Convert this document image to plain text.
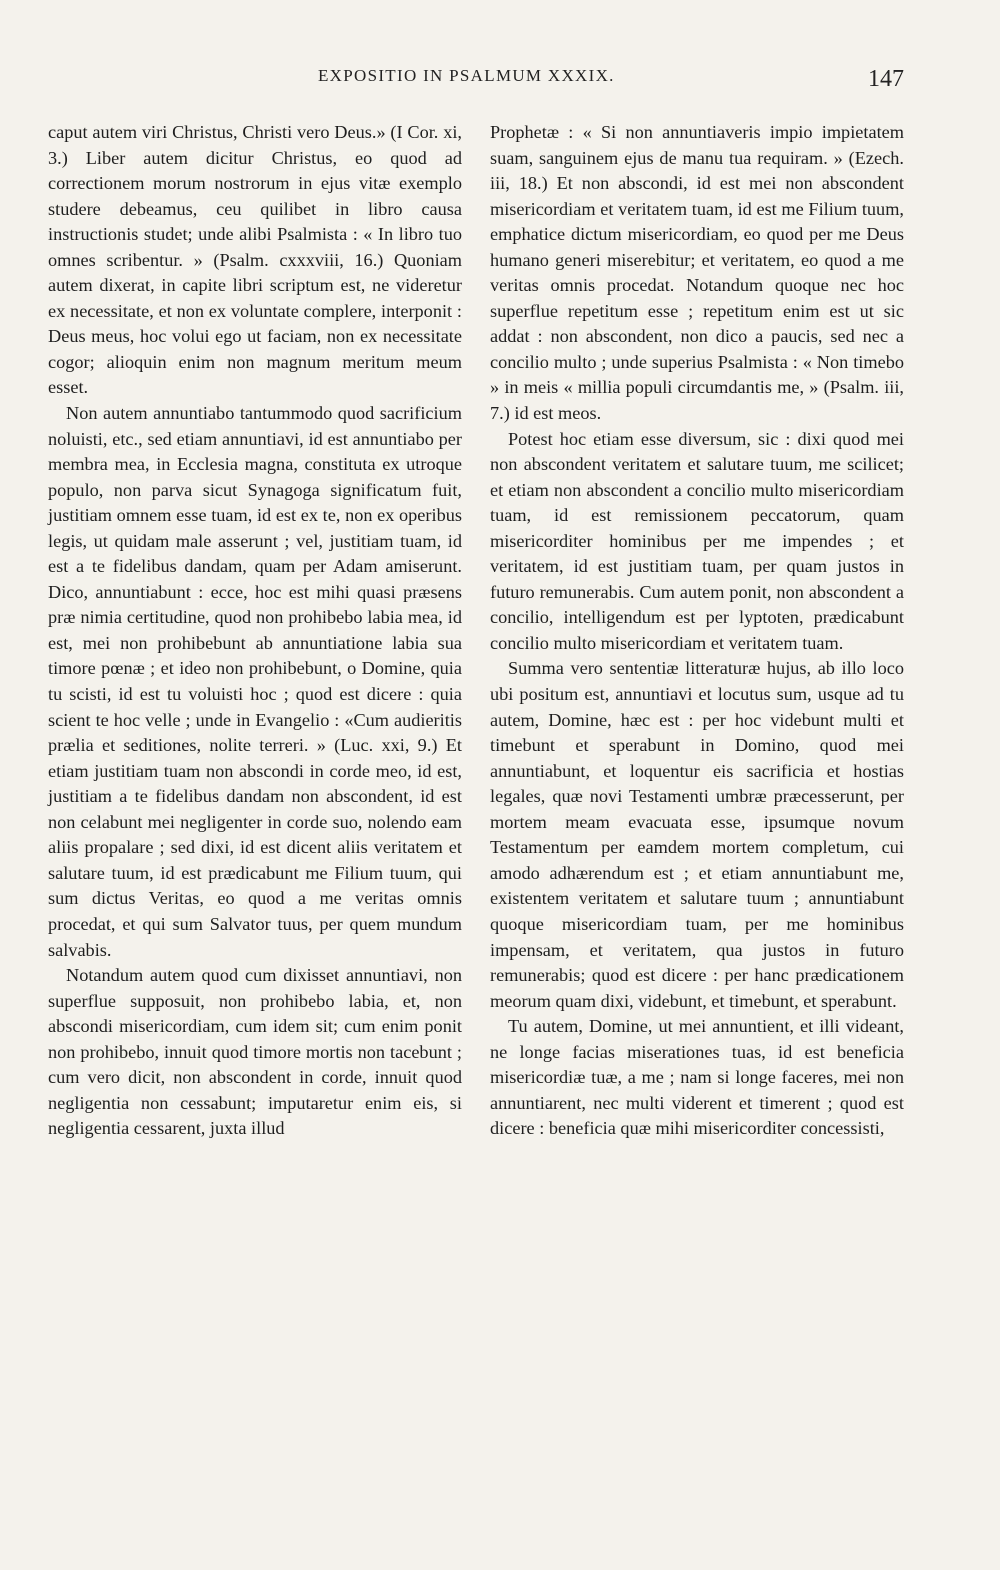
EXPOSITIO IN PSALMUM XXXIX.	147

caput autem viri Christus, Christi vero Deus.» (I Cor. xi, 3.) Liber autem dicitur Christus, eo quod ad correctionem morum nostrorum in ejus vitæ exemplo studere debeamus, ceu quilibet in libro causa instructionis studet; unde alibi Psalmista : « In libro tuo omnes scribentur. » (Psalm. cxxxviii, 16.) Quoniam autem dixerat, in capite libri scriptum est, ne videretur ex necessitate, et non ex voluntate complere, interponit : Deus meus, hoc volui ego ut faciam, non ex necessitate cogor; alioquin enim non magnum meritum meum esset.

Non autem annuntiabo tantummodo quod sacrificium noluisti, etc., sed etiam annuntiavi, id est annuntiabo per membra mea, in Ecclesia magna, constituta ex utroque populo, non parva sicut Synagoga significatum fuit, justitiam omnem esse tuam, id est ex te, non ex operibus legis, ut quidam male asserunt ; vel, justitiam tuam, id est a te fidelibus dandam, quam per Adam amiserunt. Dico, annuntiabunt : ecce, hoc est mihi quasi præsens præ nimia certitudine, quod non prohibebo labia mea, id est, mei non prohibebunt ab annuntiatione labia sua timore pœnæ ; et ideo non prohibebunt, o Domine, quia tu scisti, id est tu voluisti hoc ; quod est dicere : quia scient te hoc velle ; unde in Evangelio : «Cum audieritis prælia et seditiones, nolite terreri. » (Luc. xxi, 9.) Et etiam justitiam tuam non abscondi in corde meo, id est, justitiam a te fidelibus dandam non abscondent, id est non celabunt mei negligenter in corde suo, nolendo eam aliis propalare ; sed dixi, id est dicent aliis veritatem et salutare tuum, id est prædicabunt me Filium tuum, qui sum dictus Veritas, eo quod a me veritas omnis procedat, et qui sum Salvator tuus, per quem mundum salvabis.

Notandum autem quod cum dixisset annuntiavi, non superflue supposuit, non prohibebo labia, et, non abscondi misericordiam, cum idem sit; cum enim ponit non prohibebo, innuit quod timore mortis non tacebunt ; cum vero dicit, non abscondent in corde, innuit quod negligentia non cessabunt; imputaretur enim eis, si negligentia cessarent, juxta illud

Prophetæ : « Si non annuntiaveris impio impietatem suam, sanguinem ejus de manu tua requiram. » (Ezech. iii, 18.) Et non abscondi, id est mei non abscondent misericordiam et veritatem tuam, id est me Filium tuum, emphatice dictum misericordiam, eo quod per me Deus humano generi miserebitur; et veritatem, eo quod a me veritas omnis procedat. Notandum quoque nec hoc superflue repetitum esse ; repetitum enim est ut sic addat : non abscondent, non dico a paucis, sed nec a concilio multo ; unde superius Psalmista : « Non timebo » in meis « millia populi circumdantis me, » (Psalm. iii, 7.) id est meos.

Potest hoc etiam esse diversum, sic : dixi quod mei non abscondent veritatem et salutare tuum, me scilicet; et etiam non abscondent a concilio multo misericordiam tuam, id est remissionem peccatorum, quam misericorditer hominibus per me impendes ; et veritatem, id est justitiam tuam, per quam justos in futuro remunerabis. Cum autem ponit, non abscondent a concilio, intelligendum est per lyptoten, prædicabunt concilio multo misericordiam et veritatem tuam.

Summa vero sententiæ litteraturæ hujus, ab illo loco ubi positum est, annuntiavi et locutus sum, usque ad tu autem, Domine, hæc est : per hoc videbunt multi et timebunt et sperabunt in Domino, quod mei annuntiabunt, et loquentur eis sacrificia et hostias legales, quæ novi Testamenti umbræ præcesserunt, per mortem meam evacuata esse, ipsumque novum Testamentum per eamdem mortem completum, cui amodo adhærendum est ; et etiam annuntiabunt me, existentem veritatem et salutare tuum ; annuntiabunt quoque misericordiam tuam, per me hominibus impensam, et veritatem, qua justos in futuro remunerabis; quod est dicere : per hanc prædicationem meorum quam dixi, videbunt, et timebunt, et sperabunt.

Tu autem, Domine, ut mei annuntient, et illi videant, ne longe facias miserationes tuas, id est beneficia misericordiæ tuæ, a me ; nam si longe faceres, mei non annuntiarent, nec multi viderent et timerent ; quod est dicere : beneficia quæ mihi misericorditer concessisti,
